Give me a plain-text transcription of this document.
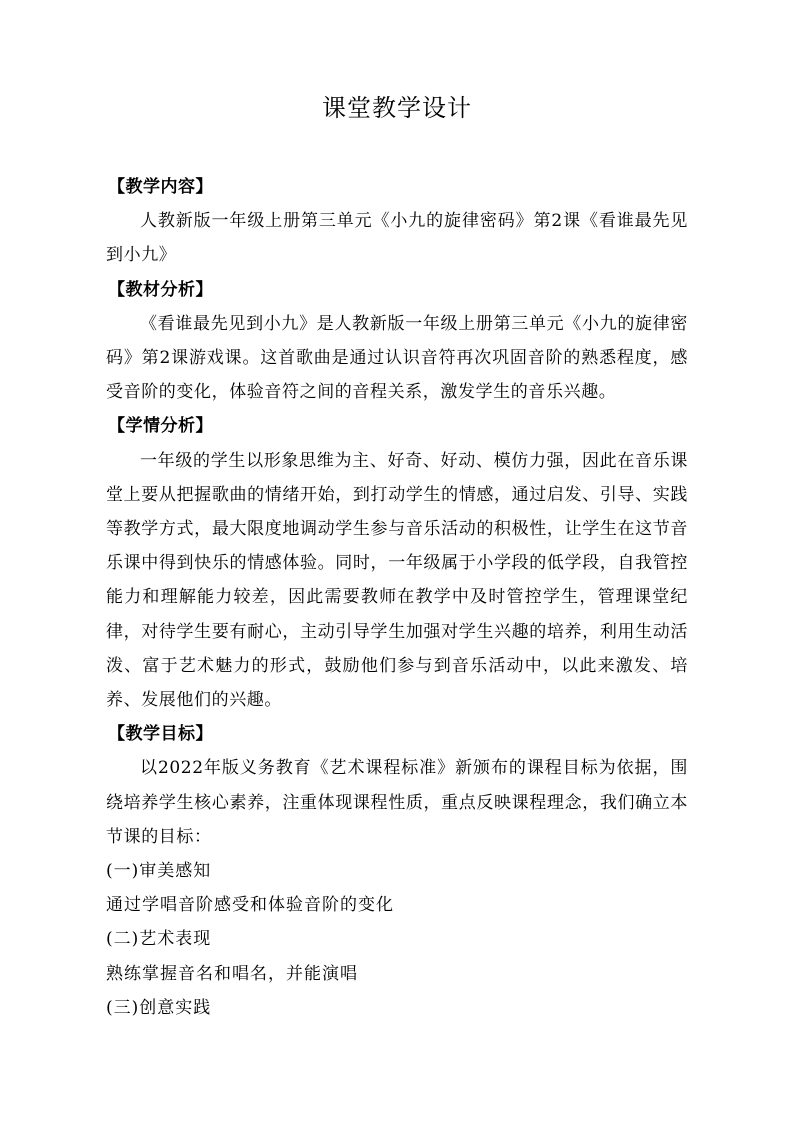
课堂教学设计
【教学内容】
人教新版一年级上册第三单元《小九的旋律密码》第2课《看谁最先见到小九》
【教材分析】
《看谁最先见到小九》是人教新版一年级上册第三单元《小九的旋律密码》第2课游戏课。这首歌曲是通过认识音符再次巩固音阶的熟悉程度，感受音阶的变化，体验音符之间的音程关系，激发学生的音乐兴趣。
【学情分析】
一年级的学生以形象思维为主、好奇、好动、模仿力强，因此在音乐课堂上要从把握歌曲的情绪开始，到打动学生的情感，通过启发、引导、实践等教学方式，最大限度地调动学生参与音乐活动的积极性，让学生在这节音乐课中得到快乐的情感体验。同时，一年级属于小学段的低学段，自我管控能力和理解能力较差，因此需要教师在教学中及时管控学生，管理课堂纪律，对待学生要有耐心，主动引导学生加强对学生兴趣的培养，利用生动活泼、富于艺术魅力的形式，鼓励他们参与到音乐活动中，以此来激发、培养、发展他们的兴趣。
【教学目标】
以2022年版义务教育《艺术课程标准》新颁布的课程目标为依据，围绕培养学生核心素养，注重体现课程性质，重点反映课程理念，我们确立本节课的目标：
(一)审美感知
通过学唱音阶感受和体验音阶的变化
(二)艺术表现
熟练掌握音名和唱名，并能演唱
(三)创意实践
